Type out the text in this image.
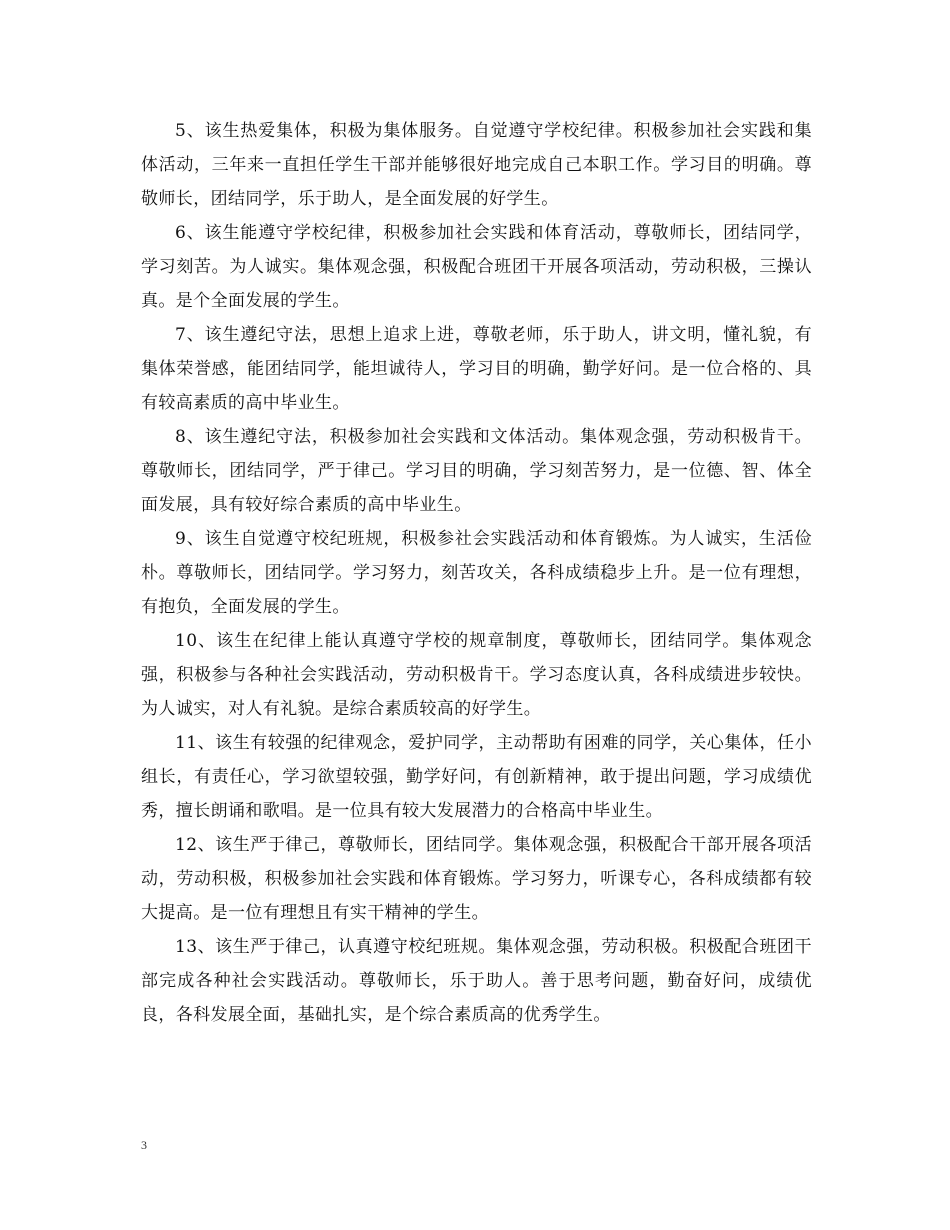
5、该生热爱集体，积极为集体服务。自觉遵守学校纪律。积极参加社会实践和集体活动，三年来一直担任学生干部并能够很好地完成自己本职工作。学习目的明确。尊敬师长，团结同学，乐于助人，是全面发展的好学生。

6、该生能遵守学校纪律，积极参加社会实践和体育活动，尊敬师长，团结同学，学习刻苦。为人诚实。集体观念强，积极配合班团干开展各项活动，劳动积极，三操认真。是个全面发展的学生。

7、该生遵纪守法，思想上追求上进，尊敬老师，乐于助人，讲文明，懂礼貌，有集体荣誉感，能团结同学，能坦诚待人，学习目的明确，勤学好问。是一位合格的、具有较高素质的高中毕业生。

8、该生遵纪守法，积极参加社会实践和文体活动。集体观念强，劳动积极肯干。尊敬师长，团结同学，严于律己。学习目的明确，学习刻苦努力，是一位德、智、体全面发展，具有较好综合素质的高中毕业生。

9、该生自觉遵守校纪班规，积极参社会实践活动和体育锻炼。为人诚实，生活俭朴。尊敬师长，团结同学。学习努力，刻苦攻关，各科成绩稳步上升。是一位有理想，有抱负，全面发展的学生。

10、该生在纪律上能认真遵守学校的规章制度，尊敬师长，团结同学。集体观念强，积极参与各种社会实践活动，劳动积极肯干。学习态度认真，各科成绩进步较快。为人诚实，对人有礼貌。是综合素质较高的好学生。

11、该生有较强的纪律观念，爱护同学，主动帮助有困难的同学，关心集体，任小组长，有责任心，学习欲望较强，勤学好问，有创新精神，敢于提出问题，学习成绩优秀，擅长朗诵和歌唱。是一位具有较大发展潜力的合格高中毕业生。

12、该生严于律己，尊敬师长，团结同学。集体观念强，积极配合干部开展各项活动，劳动积极，积极参加社会实践和体育锻炼。学习努力，听课专心，各科成绩都有较大提高。是一位有理想且有实干精神的学生。

13、该生严于律己，认真遵守校纪班规。集体观念强，劳动积极。积极配合班团干部完成各种社会实践活动。尊敬师长，乐于助人。善于思考问题，勤奋好问，成绩优良，各科发展全面，基础扎实，是个综合素质高的优秀学生。

3
